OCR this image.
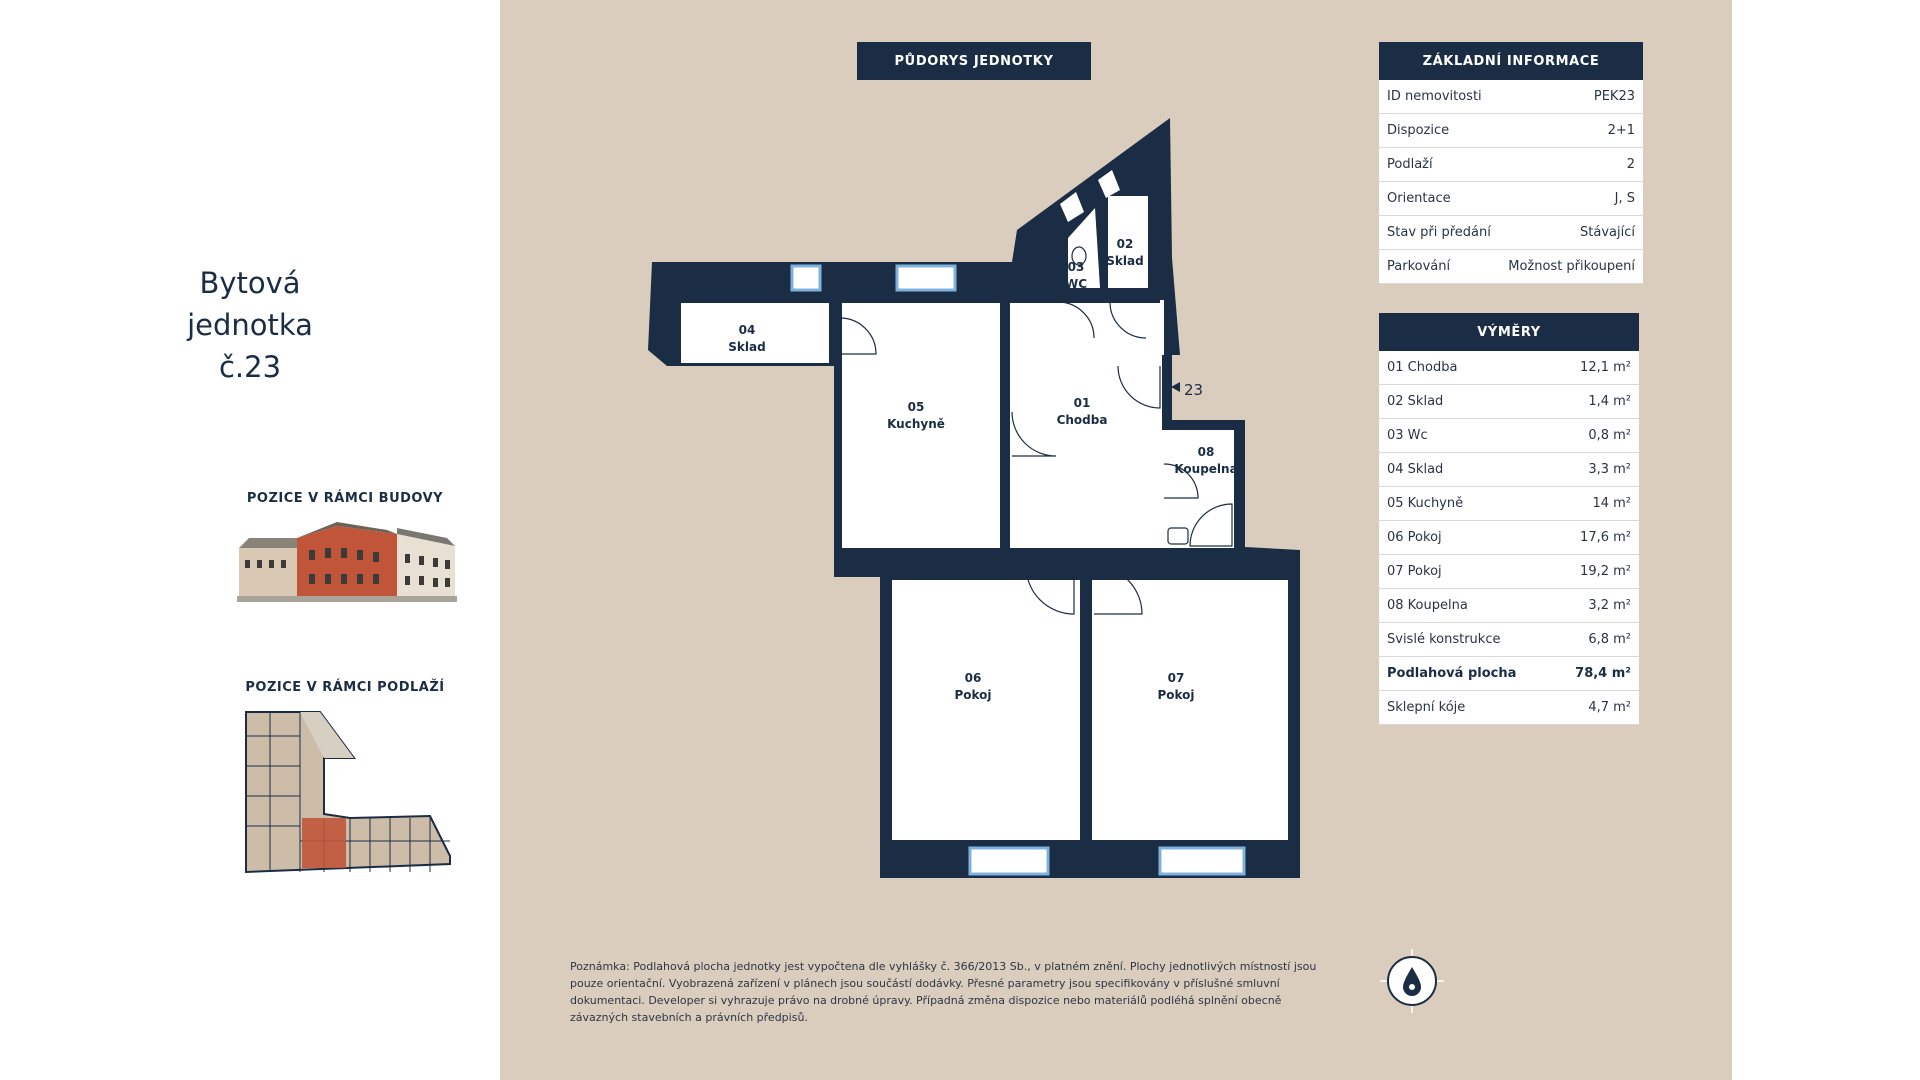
Bytová
jednotka
č.23
POZICE V RÁMCI BUDOVY
POZICE V RÁMCI PODLAŽÍ
PŮDORYS JEDNOTKY
23
01
Chodba
02
Sklad
03
WC
04
Sklad
05
Kuchyně
06
Pokoj
07
Pokoj
08
Koupelna
ZÁKLADNÍ INFORMACE
ID nemovitosti	PEK23
Dispozice	2+1
Podlaží	2
Orientace	J, S
Stav při předání	Stávající
Parkování	Možnost přikoupení
VÝMĚRY
01 Chodba	12,1 m²
02 Sklad	1,4 m²
03 Wc	0,8 m²
04 Sklad	3,3 m²
05 Kuchyně	14 m²
06 Pokoj	17,6 m²
07 Pokoj	19,2 m²
08 Koupelna	3,2 m²
Svislé konstrukce	6,8 m²
Podlahová plocha	78,4 m²
Sklepní kóje	4,7 m²
Poznámka: Podlahová plocha jednotky jest vypočtena dle vyhlášky č. 366/2013 Sb., v platném znění. Plochy jednotlivých místností jsou pouze orientační. Vyobrazená zařízení v plánech jsou součástí dodávky. Přesné parametry jsou specifikovány v příslušné smluvní dokumentaci. Developer si vyhrazuje právo na drobné úpravy. Případná změna dispozice nebo materiálů podléhá splnění obecně závazných stavebních a právních předpisů.
